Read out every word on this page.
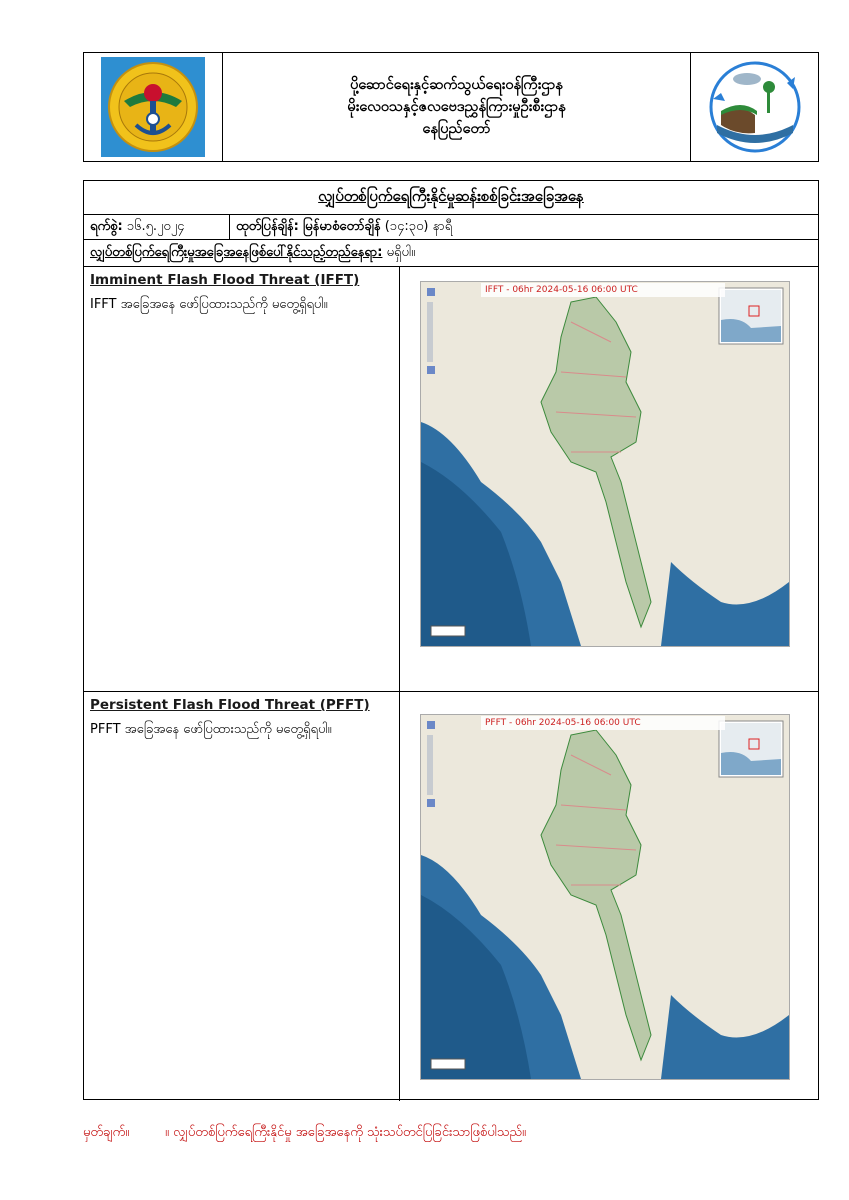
ပို့ဆောင်ရေးနှင့်ဆက်သွယ်ရေးဝန်ကြီးဌာန
မိုးလေဝသနှင့်ဇလဗေဒညွှန်ကြားမှုဦးစီးဌာန
နေပြည်တော်
လျှပ်တစ်ပြက်ရေကြီးနိုင်မှုဆန်းစစ်ခြင်းအခြေအနေ
ရက်စွဲ: ၁၆.၅.၂၀၂၄	ထုတ်ပြန်ချိန်: မြန်မာစံတော်ချိန် (၁၄:၃၀) နာရီ
လျှပ်တစ်ပြက်ရေကြီးမှုအခြေအနေဖြစ်ပေါ်နိုင်သည့်တည်နေရာ: မရှိပါ။
Imminent Flash Flood Threat (IFFT)
IFFT အခြေအနေ ဖော်ပြထားသည်ကို မတွေ့ရှိရပါ။
IFFT - 06hr 2024-05-16 06:00 UTC
Persistent Flash Flood Threat (PFFT)
PFFT အခြေအနေ ဖော်ပြထားသည်ကို မတွေ့ရှိရပါ။	PFFT - 06hr 2024-05-16 06:00 UTC
မှတ်ချက်။	။ လျှပ်တစ်ပြက်ရေကြီးနိုင်မှု အခြေအနေကို သုံးသပ်တင်ပြခြင်းသာဖြစ်ပါသည်။
